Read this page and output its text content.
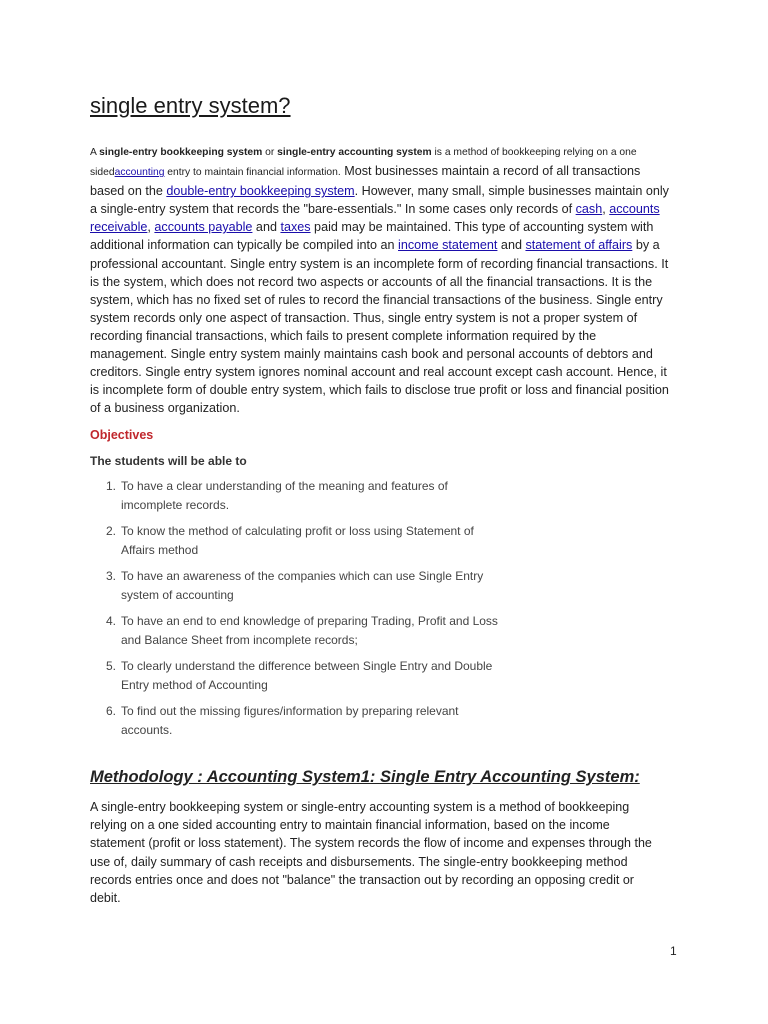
single entry system?
A single-entry bookkeeping system or single-entry accounting system is a method of bookkeeping relying on a one sidedaccounting entry to maintain financial information. Most businesses maintain a record of all transactions based on the double-entry bookkeeping system. However, many small, simple businesses maintain only a single-entry system that records the "bare-essentials." In some cases only records of cash, accounts receivable, accounts payable and taxes paid may be maintained. This type of accounting system with additional information can typically be compiled into an income statement and statement of affairs by a professional accountant. Single entry system is an incomplete form of recording financial transactions. It is the system, which does not record two aspects or accounts of all the financial transactions. It is the system, which has no fixed set of rules to record the financial transactions of the business. Single entry system records only one aspect of transaction. Thus, single entry system is not a proper system of recording financial transactions, which fails to present complete information required by the management. Single entry system mainly maintains cash book and personal accounts of debtors and creditors. Single entry system ignores nominal account and real account except cash account. Hence, it is incomplete form of double entry system, which fails to disclose true profit or loss and financial position of a business organization.
Objectives
The students will be able to
1. To have a clear understanding of the meaning and features of imcomplete records.
2. To know the method of calculating profit or loss using Statement of Affairs method
3. To have an awareness of the companies which can use Single Entry system of accounting
4. To have an end to end knowledge of preparing Trading, Profit and Loss and Balance Sheet from incomplete records;
5. To clearly understand the difference between Single Entry and Double Entry method of Accounting
6. To find out the missing figures/information by preparing relevant accounts.
Methodology : Accounting System1: Single Entry Accounting System:
A single-entry bookkeeping system or single-entry accounting system is a method of bookkeeping relying on a one sided accounting entry to maintain financial information, based on the income statement (profit or loss statement). The system records the flow of income and expenses through the use of, daily summary of cash receipts and disbursements. The single-entry bookkeeping method records entries once and does not "balance" the transaction out by recording an opposing credit or debit.
1
